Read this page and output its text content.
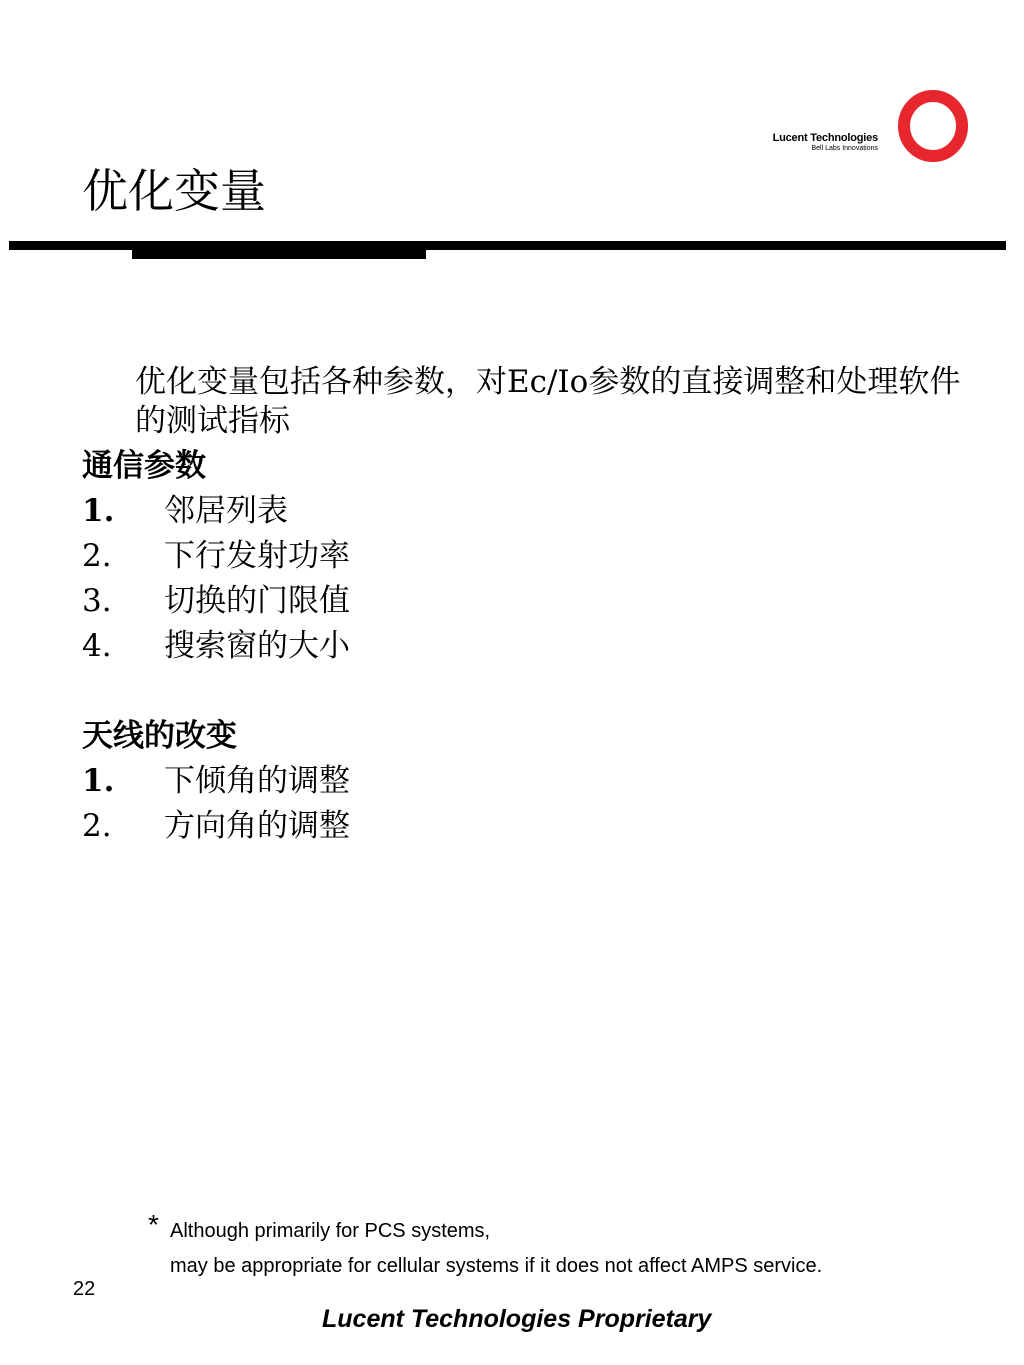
Lucent Technologies
Bell Labs Innovations
优化变量
优化变量包括各种参数，对Ec/Io参数的直接调整和处理软件的测试指标
通信参数
1. 邻居列表
2. 下行发射功率
3. 切换的门限值
4. 搜索窗的大小
天线的改变
1. 下倾角的调整
2. 方向角的调整
* Although primarily for PCS systems,
may be appropriate for cellular systems if it does not affect AMPS service.
22
Lucent Technologies Proprietary
